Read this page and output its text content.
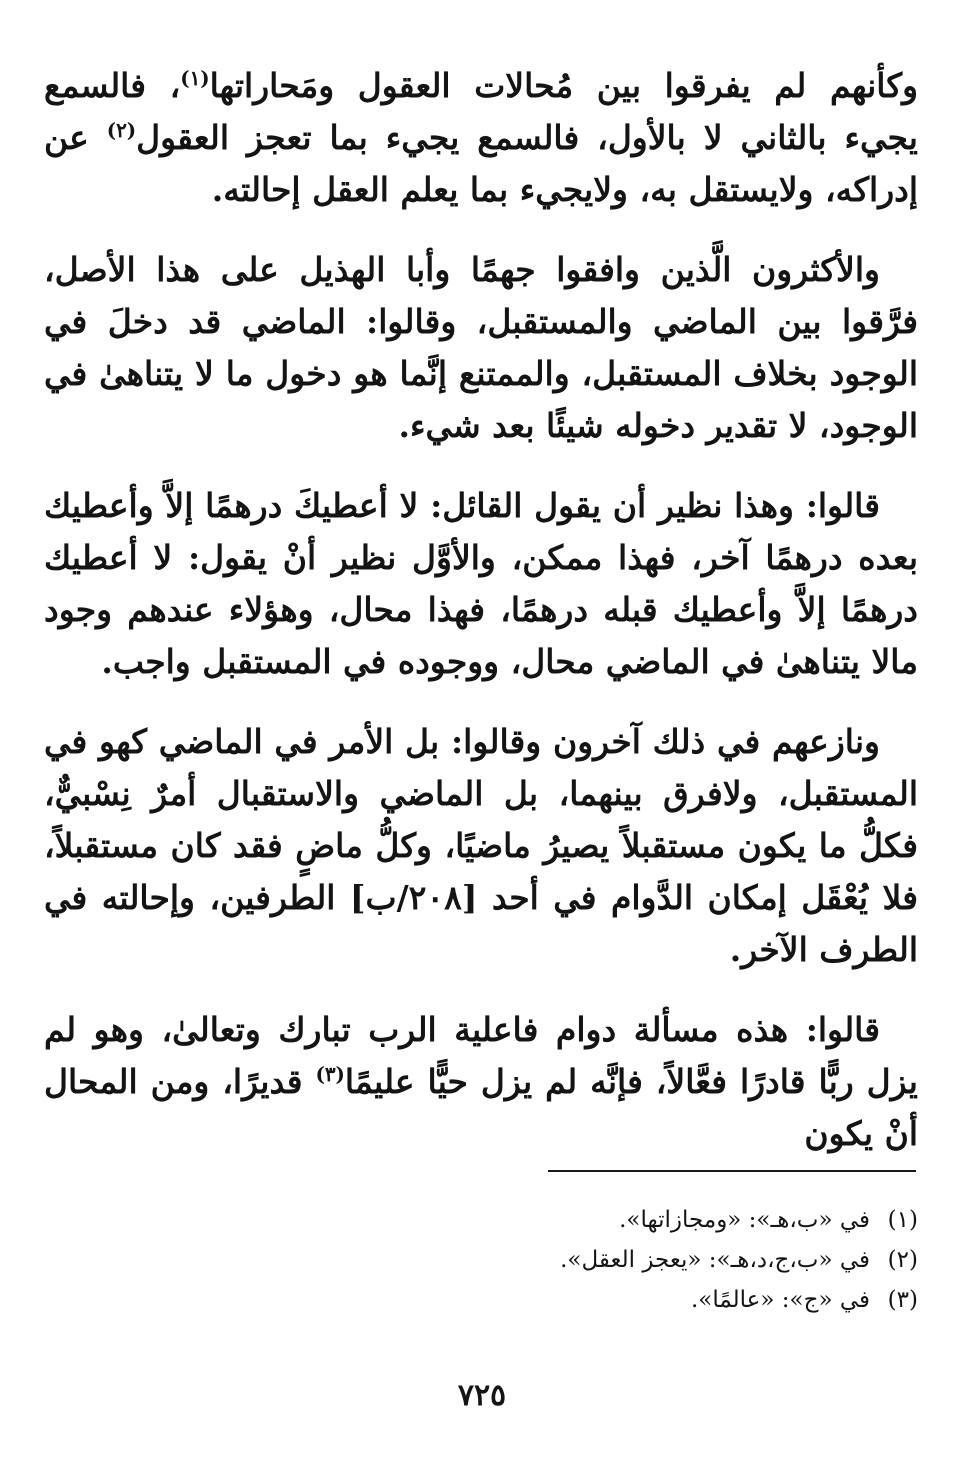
وكأنهم لم يفرقوا بين مُحالات العقول ومَحاراتها$^{(١)}$، فالسمع يجيء بالثاني لا بالأول، فالسمع يجيء بما تعجز العقول$^{(٢)}$ عن إدراكه، ولايستقل به، ولايجيء بما يعلم العقل إحالته.

والأكثرون الَّذين وافقوا جهمًا وأبا الهذيل على هذا الأصل، فرَّقوا بين الماضي والمستقبل، وقالوا: الماضي قد دخلَ في الوجود بخلاف المستقبل، والممتنع إنَّما هو دخول ما لا يتناهىٰ في الوجود، لا تقدير دخوله شيئًا بعد شيء.

قالوا: وهذا نظير أن يقول القائل: لا أعطيكَ درهمًا إلاَّ وأعطيك بعده درهمًا آخر، فهذا ممكن، والأوَّل نظير أنْ يقول: لا أعطيك درهمًا إلاَّ وأعطيك قبله درهمًا، فهذا محال، وهؤلاء عندهم وجود مالا يتناهىٰ في الماضي محال، ووجوده في المستقبل واجب.

ونازعهم في ذلك آخرون وقالوا: بل الأمر في الماضي كهو في المستقبل، ولافرق بينهما، بل الماضي والاستقبال أمرٌ نِسْبيٌّ، فكلُّ ما يكون مستقبلاً يصيرُ ماضيًا، وكلُّ ماضٍ فقد كان مستقبلاً، فلا يُعْقَل إمكان الدَّوام في أحد [٢٠٨/ب] الطرفين، وإحالته في الطرف الآخر.

قالوا: هذه مسألة دوام فاعلية الرب تبارك وتعالىٰ، وهو لم يزل ربًّا قادرًا فعَّالاً، فإنَّه لم يزل حيًّا عليمًا$^{(٣)}$ قديرًا، ومن المحال أنْ يكون

(١)في «ب،هـ»: «ومجازاتها».
(٢)في «ب،ج،د،هـ»: «يعجز العقل».
(٣)في «ج»: «عالمًا».
٧٢٥
